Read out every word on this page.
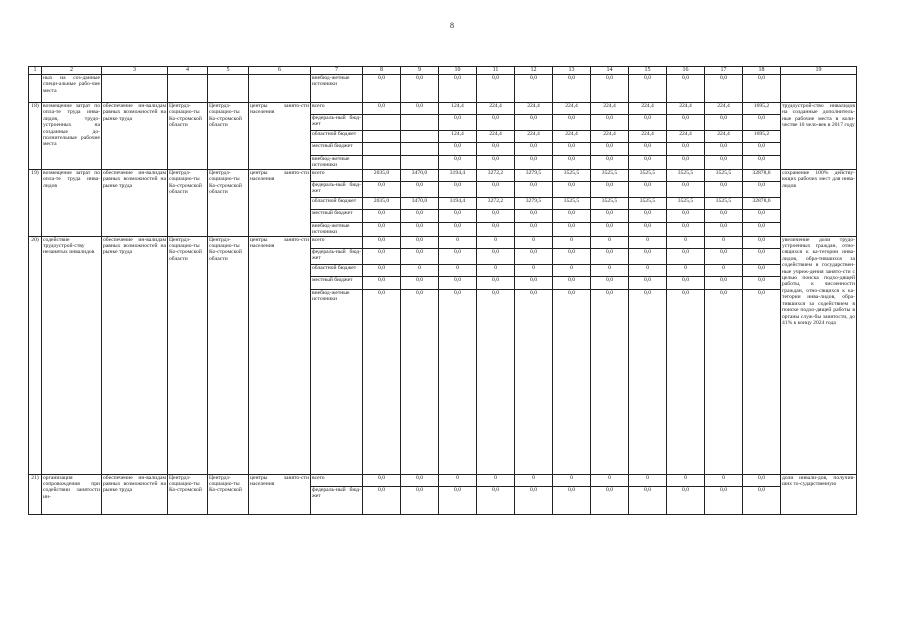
8
1	2	3	4	5	6	7	8	9	10	11	12	13	14	15	16	17	18	19
	ных на соз-данные специ-альные рабо-чие места					внебюд-жетные источники	0,0	0,0	0,0	0,0	0,0	0,0	0,0	0,0	0,0	0,0	0,0	
18)	возмещение затрат по опла-те труда инва-лидов, трудо-устроенных на созданные до-полнительные рабочие места	обеспечение ин-валидам равных возможностей на рынке труда	Центрдз-социацио-ты Ко-стромской области	Центрдз-социацио-ты Ко-стромской области	центры занято-сти населения	всего	0,0	0,0	124,4	224,4	224,4	224,4	224,4	224,4	224,4	224,4	1695,2	трудоустрой-ство инвалидов на созданные дополнитель-ные рабочие места в коли-честве 10 чело-век в 2017 году
						федераль-ный бюд-жет			0,0	0,0	0,0	0,0	0,0	0,0	0,0	0,0	0,0	
						областной бюджет			124,4	224,4	224,4	224,4	224,4	224,4	224,4	224,4	1695,2	
						местный бюджет			0,0	0,0	0,0	0,0	0,0	0,0	0,0	0,0	0,0	
						внебюд-жетные источники			0,0	0,0	0,0	0,0	0,0	0,0	0,0	0,0	0,0	
19)	возмещение затрат по опла-те труда инва-лидов	обеспечение ин-валидам равных возможностей на рынке труда	Центрдз-социацио-ты Ко-стромской области	Центрдз-социацио-ты Ко-стромской области	центры занято-сти населения	всего	2035,0	3470,0	3194,4	3272,2	3279,5	3525,5	3525,5	3525,5	3525,5	3525,5	32878,6	сохранение 100% действу-ющих рабочих мест для инва-лидов
						федераль-ный бюд-жет	0,0	0,0	0,0	0,0	0,0	0,0	0,0	0,0	0,0	0,0	0,0	
						областной бюджет	2035,0	3470,0	3194,4	3272,2	3279,5	3525,5	3525,5	3525,5	3525,5	3525,5	32878,6	
						местный бюджет	0,0	0,0	0,0	0,0	0,0	0,0	0,0	0,0	0,0	0,0	0,0	
						внебюд-жетные источники	0,0	0,0	0,0	0,0	0,0	0,0	0,0	0,0	0,0	0,0	0,0	
20)	содействие трудоустрой-ству незанятых инвалидов	обеспечение ин-валидам равных возможностей на рынке труда	Центрдз-социацио-ты Ко-стромской области	Центрдз-социацио-ты Ко-стромской области	центры занято-сти населения	всего	0,0	0,0	0	0	0	0	0	0	0	0	0,0	увеличение доли трудо-устроенных граждан, отно-сящихся к ка-тегории инва-лидов, обра-тившихся за содействием в государствен-ные учреж-дения занято-сти с целью поиска подхо-дящей работы, к численности граждан, отно-сящихся к ка-тегории инва-лидов, обра-тившихся за содействием в поиске подхо-дящей работы в органы служ-бы занятости, до 41% к концу 2024 года
						федераль-ный бюд-жет	0,0	0,0	0,0	0,0	0,0	0,0	0,0	0,0	0,0	0,0	0,0	
						областной бюджет	0,0	0	0	0	0	0	0	0	0	0	0,0	
						местный бюджет	0,0	0,0	0,0	0,0	0,0	0,0	0,0	0,0	0,0	0,0	0,0	
						внебюд-жетные источники	0,0	0,0	0,0	0,0	0,0	0,0	0,0	0,0	0,0	0,0	0,0	
21)	организация сопровождения при содействии занятости ин-	обеспечение ин-валидам равных возможностей на рынке труда	Центрдз-социацио-ты Ко-стромской	Центрдз-социацио-ты Ко-стромской	центры занято-сти населения	всего	0,0	0,0	0	0	0	0	0	0	0	0	0,0	доли инвали-дов, получив-ших го-сударственную
						федераль-ный бюд-жет	0,0	0,0	0,0	0,0	0,0	0,0	0,0	0,0	0,0	0,0	0,0	
